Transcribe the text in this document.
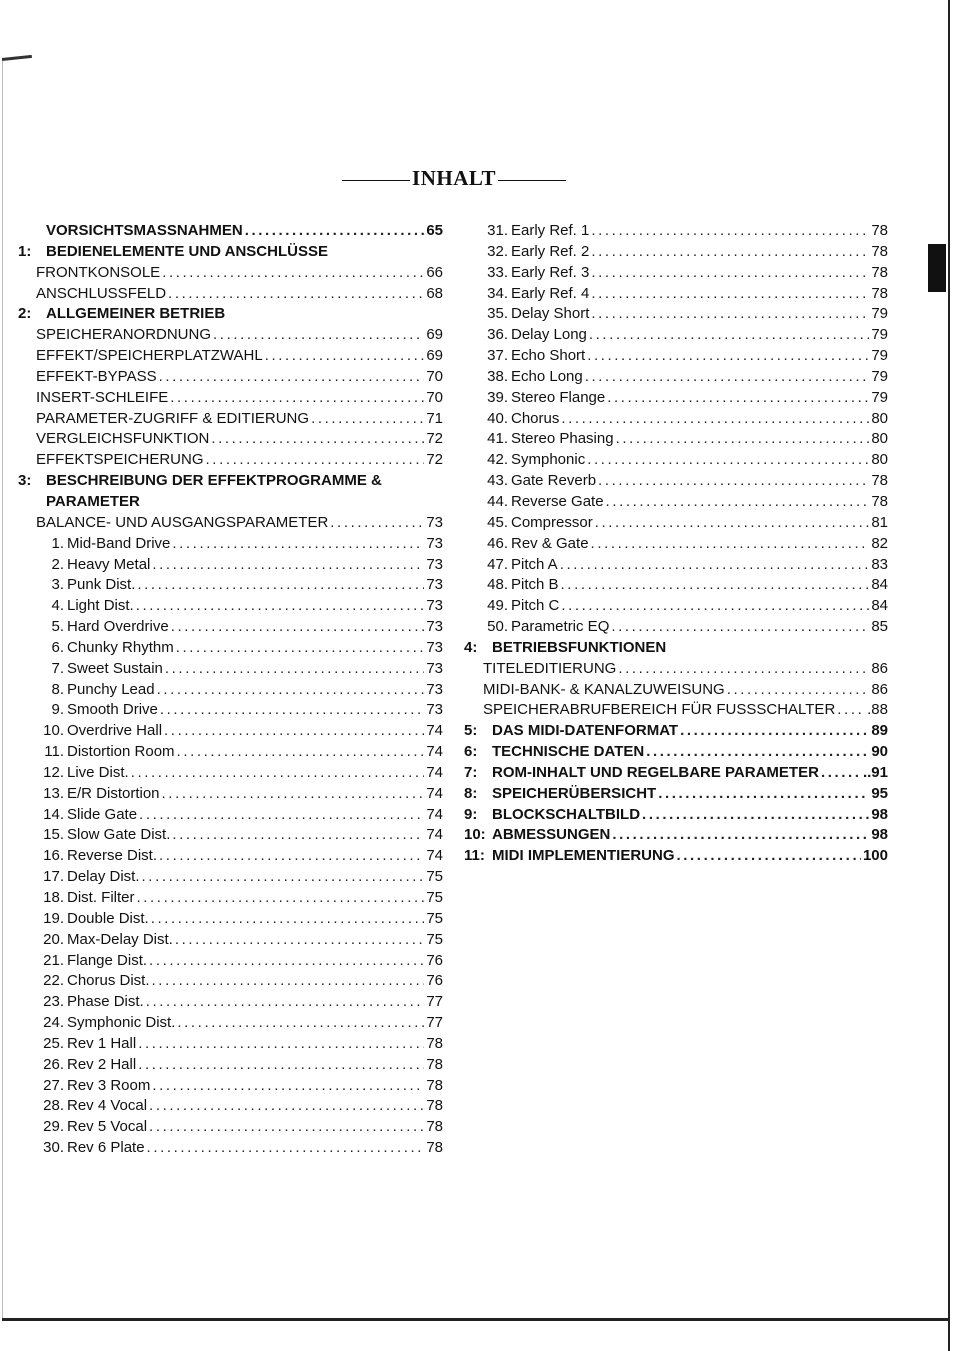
INHALT
VORSICHTSMASSNAHMEN .....	65
1: BEDIENELEMENTE UND ANSCHLÜSSE
FRONTKONSOLE .....	66
ANSCHLUSSFELD .....	68
2: ALLGEMEINER BETRIEB
SPEICHERANORDNUNG .....	69
EFFEKT/SPEICHERPLATZWAHL .....	69
EFFEKT-BYPASS .....	70
INSERT-SCHLEIFE .....	70
PARAMETER-ZUGRIFF & EDITIERUNG .....	71
VERGLEICHSFUNKTION .....	72
EFFEKTSPEICHERUNG .....	72
3: BESCHREIBUNG DER EFFEKTPROGRAMME &
PARAMETER
BALANCE- UND AUSGANGSPARAMETER .....	73
1. Mid-Band Drive .....	73
2. Heavy Metal .....	73
3. Punk Dist. .....	73
4. Light Dist. .....	73
5. Hard Overdrive .....	73
6. Chunky Rhythm .....	73
7. Sweet Sustain .....	73
8. Punchy Lead .....	73
9. Smooth Drive .....	73
10. Overdrive Hall .....	74
11. Distortion Room .....	74
12. Live Dist. .....	74
13. E/R Distortion .....	74
14. Slide Gate .....	74
15. Slow Gate Dist. .....	74
16. Reverse Dist. .....	74
17. Delay Dist. .....	75
18. Dist. Filter .....	75
19. Double Dist. .....	75
20. Max-Delay Dist. .....	75
21. Flange Dist. .....	76
22. Chorus Dist. .....	76
23. Phase Dist. .....	77
24. Symphonic Dist. .....	77
25. Rev 1 Hall .....	78
26. Rev 2 Hall .....	78
27. Rev 3 Room .....	78
28. Rev 4 Vocal .....	78
29. Rev 5 Vocal .....	78
30. Rev 6 Plate .....	78
31. Early Ref. 1 .....	78
32. Early Ref. 2 .....	78
33. Early Ref. 3 .....	78
34. Early Ref. 4 .....	78
35. Delay Short .....	79
36. Delay Long .....	79
37. Echo Short .....	79
38. Echo Long .....	79
39. Stereo Flange .....	79
40. Chorus .....	80
41. Stereo Phasing .....	80
42. Symphonic .....	80
43. Gate Reverb .....	78
44. Reverse Gate .....	78
45. Compressor .....	81
46. Rev & Gate .....	82
47. Pitch A .....	83
48. Pitch B .....	84
49. Pitch C .....	84
50. Parametric EQ .....	85
4: BETRIEBSFUNKTIONEN
TITELEDITIERUNG .....	86
MIDI-BANK- & KANALZUWEISUNG .....	86
SPEICHERABRUFBEREICH FÜR FUSSSCHALTER ..... .88
5: DAS MIDI-DATENFORMAT .....	89
6: TECHNISCHE DATEN .....	90
7: ROM-INHALT UND REGELBARE PARAMETER .....	..91
8: SPEICHERÜBERSICHT .....	95
9: BLOCKSCHALTBILD .....	98
10: ABMESSUNGEN .....	98
11: MIDI IMPLEMENTIERUNG .....	100
